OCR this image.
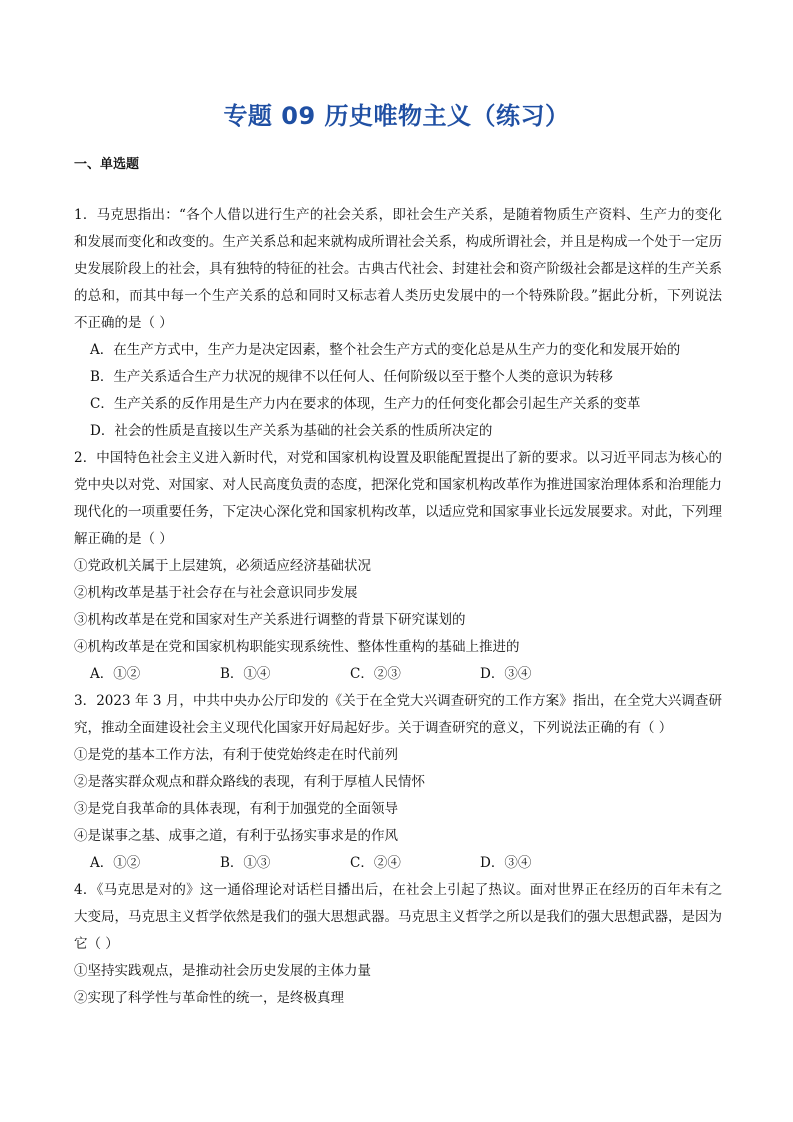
专题 09 历史唯物主义（练习）
一、单选题
1．马克思指出：“各个人借以进行生产的社会关系，即社会生产关系，是随着物质生产资料、生产力的变化和发展而变化和改变的。生产关系总和起来就构成所谓社会关系，构成所谓社会，并且是构成一个处于一定历史发展阶段上的社会，具有独特的特征的社会。古典古代社会、封建社会和资产阶级社会都是这样的生产关系的总和，而其中每一个生产关系的总和同时又标志着人类历史发展中的一个特殊阶段。”据此分析，下列说法不正确的是（ ）
A．在生产方式中，生产力是决定因素，整个社会生产方式的变化总是从生产力的变化和发展开始的
B．生产关系适合生产力状况的规律不以任何人、任何阶级以至于整个人类的意识为转移
C．生产关系的反作用是生产力内在要求的体现，生产力的任何变化都会引起生产关系的变革
D．社会的性质是直接以生产关系为基础的社会关系的性质所决定的
2．中国特色社会主义进入新时代，对党和国家机构设置及职能配置提出了新的要求。以习近平同志为核心的党中央以对党、对国家、对人民高度负责的态度，把深化党和国家机构改革作为推进国家治理体系和治理能力现代化的一项重要任务，下定决心深化党和国家机构改革，以适应党和国家事业长远发展要求。对此，下列理解正确的是（ ）
①党政机关属于上层建筑，必须适应经济基础状况
②机构改革是基于社会存在与社会意识同步发展
③机构改革是在党和国家对生产关系进行调整的背景下研究谋划的
④机构改革是在党和国家机构职能实现系统性、整体性重构的基础上推进的
A．①②	B．①④	C．②③	D．③④
3．2023 年 3 月，中共中央办公厅印发的《关于在全党大兴调查研究的工作方案》指出，在全党大兴调查研究，推动全面建设社会主义现代化国家开好局起好步。关于调查研究的意义，下列说法正确的有（ ）
①是党的基本工作方法，有利于使党始终走在时代前列
②是落实群众观点和群众路线的表现，有利于厚植人民情怀
③是党自我革命的具体表现，有利于加强党的全面领导
④是谋事之基、成事之道，有利于弘扬实事求是的作风
A．①②	B．①③	C．②④	D．③④
4．《马克思是对的》这一通俗理论对话栏目播出后，在社会上引起了热议。面对世界正在经历的百年未有之大变局，马克思主义哲学依然是我们的强大思想武器。马克思主义哲学之所以是我们的强大思想武器，是因为它（ ）
①坚持实践观点，是推动社会历史发展的主体力量
②实现了科学性与革命性的统一，是终极真理
